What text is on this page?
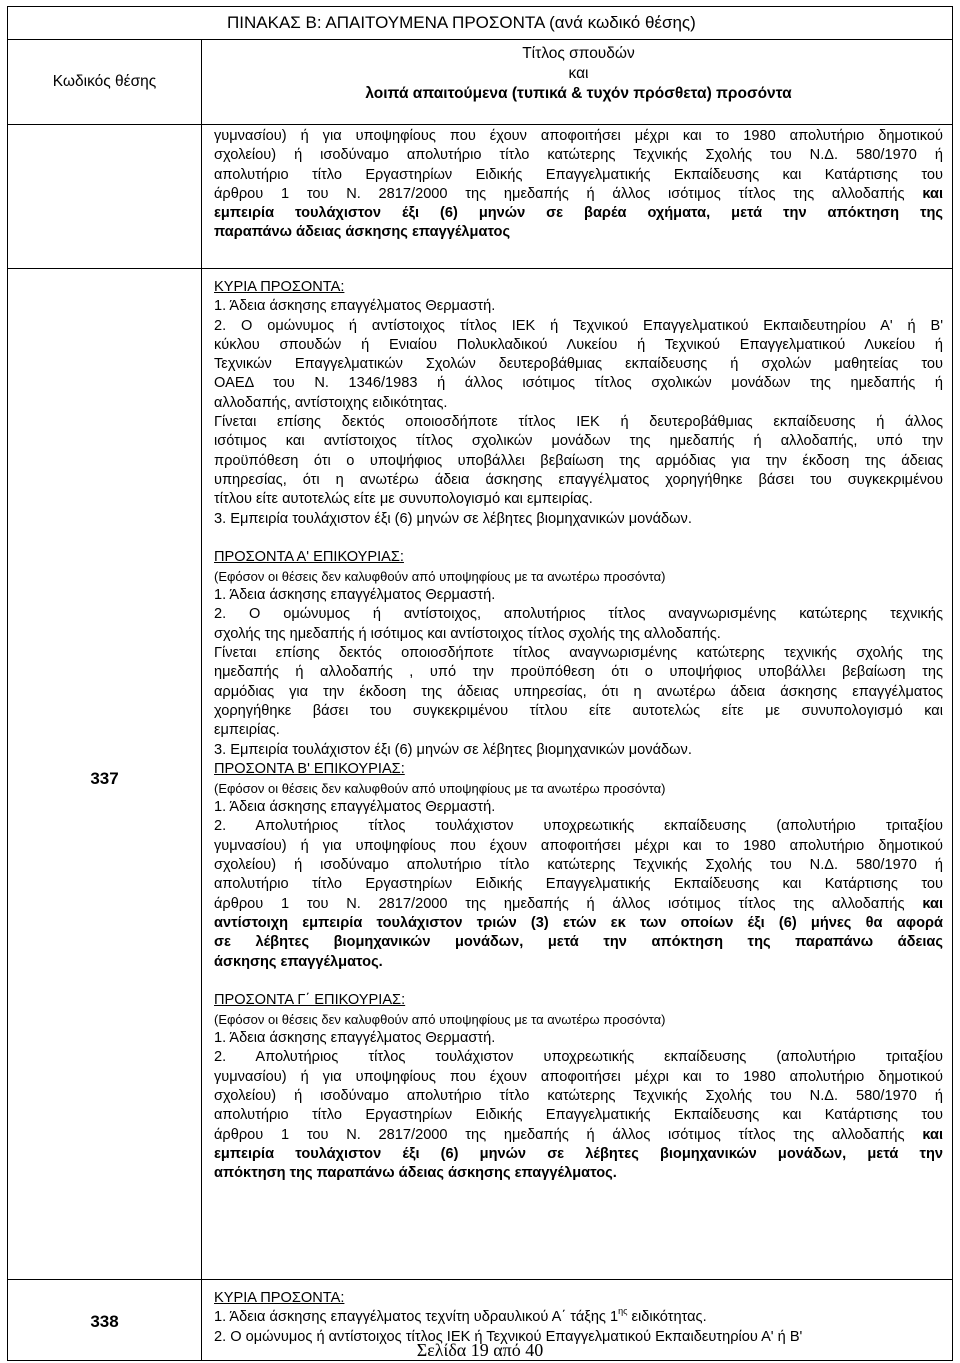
ΠΙΝΑΚΑΣ Β: ΑΠΑΙΤΟΥΜΕΝΑ ΠΡΟΣΟΝΤΑ (ανά κωδικό θέσης)
Κωδικός θέσης
Τίτλος σπουδών
και
λοιπά απαιτούμενα (τυπικά & τυχόν πρόσθετα) προσόντα

γυμνασίου) ή για υποψηφίους που έχουν αποφοιτήσει μέχρι και το 1980 απολυτήριο δημοτικού

σχολείου) ή ισοδύναμο απολυτήριο τίτλο κατώτερης Τεχνικής Σχολής του Ν.Δ. 580/1970 ή

απολυτήριο τίτλο Εργαστηρίων Ειδικής Επαγγελματικής Εκπαίδευσης και Κατάρτισης του

άρθρου 1 του Ν. 2817/2000 της ημεδαπής ή άλλος ισότιμος τίτλος της αλλοδαπής και

εμπειρία τουλάχιστον έξι (6) μηνών σε βαρέα οχήματα, μετά την απόκτηση της

παραπάνω άδειας άσκησης επαγγέλματος

337

ΚΥΡΙΑ ΠΡΟΣΟΝΤΑ:

1. Άδεια άσκησης επαγγέλματος Θερμαστή.

2. Ο ομώνυμος ή αντίστοιχος τίτλος ΙΕΚ ή Τεχνικού Επαγγελματικού Εκπαιδευτηρίου Α' ή Β'

κύκλου σπουδών ή Ενιαίου Πολυκλαδικού Λυκείου ή Τεχνικού Επαγγελματικού Λυκείου ή

Τεχνικών Επαγγελματικών Σχολών δευτεροβάθμιας εκπαίδευσης ή σχολών μαθητείας του

ΟΑΕΔ του Ν. 1346/1983 ή άλλος ισότιμος τίτλος σχολικών μονάδων της ημεδαπής ή

αλλοδαπής, αντίστοιχης ειδικότητας.

Γίνεται επίσης δεκτός οποιοσδήποτε τίτλος ΙΕΚ ή δευτεροβάθμιας εκπαίδευσης ή άλλος

ισότιμος και αντίστοιχος τίτλος σχολικών μονάδων της ημεδαπής ή αλλοδαπής, υπό την

προϋπόθεση ότι ο υποψήφιος υποβάλλει βεβαίωση της αρμόδιας για την έκδοση της άδειας

υπηρεσίας, ότι η ανωτέρω άδεια άσκησης επαγγέλματος χορηγήθηκε βάσει του συγκεκριμένου

τίτλου είτε αυτοτελώς είτε με συνυπολογισμό και εμπειρίας.

3. Εμπειρία τουλάχιστον έξι (6) μηνών σε λέβητες βιομηχανικών μονάδων.

ΠΡΟΣΟΝΤΑ Α' ΕΠΙΚΟΥΡΙΑΣ:

(Εφόσον οι θέσεις δεν καλυφθούν από υποψηφίους με τα ανωτέρω προσόντα)

1. Άδεια άσκησης επαγγέλματος Θερμαστή.

2. Ο ομώνυμος ή αντίστοιχος, απολυτήριος τίτλος αναγνωρισμένης κατώτερης τεχνικής

σχολής της ημεδαπής ή ισότιμος και αντίστοιχος τίτλος σχολής της αλλοδαπής.

Γίνεται επίσης δεκτός οποιοσδήποτε τίτλος αναγνωρισμένης κατώτερης τεχνικής σχολής της

ημεδαπής ή αλλοδαπής , υπό την προϋπόθεση ότι ο υποψήφιος υποβάλλει βεβαίωση της

αρμόδιας για την έκδοση της άδειας υπηρεσίας, ότι η ανωτέρω άδεια άσκησης επαγγέλματος

χορηγήθηκε βάσει του συγκεκριμένου τίτλου είτε αυτοτελώς είτε με συνυπολογισμό και

εμπειρίας.

3. Εμπειρία τουλάχιστον έξι (6) μηνών σε λέβητες βιομηχανικών μονάδων.

ΠΡΟΣΟΝΤΑ Β' ΕΠΙΚΟΥΡΙΑΣ:

(Εφόσον οι θέσεις δεν καλυφθούν από υποψηφίους με τα ανωτέρω προσόντα)

1. Άδεια άσκησης επαγγέλματος Θερμαστή.

2. Απολυτήριος τίτλος τουλάχιστον υποχρεωτικής εκπαίδευσης (απολυτήριο τριταξίου

γυμνασίου) ή για υποψηφίους που έχουν αποφοιτήσει μέχρι και το 1980 απολυτήριο δημοτικού

σχολείου) ή ισοδύναμο απολυτήριο τίτλο κατώτερης Τεχνικής Σχολής του Ν.Δ. 580/1970 ή

απολυτήριο τίτλο Εργαστηρίων Ειδικής Επαγγελματικής Εκπαίδευσης και Κατάρτισης του

άρθρου 1 του Ν. 2817/2000 της ημεδαπής ή άλλος ισότιμος τίτλος της αλλοδαπής και

αντίστοιχη εμπειρία τουλάχιστον τριών (3) ετών εκ των οποίων έξι (6) μήνες θα αφορά

σε λέβητες βιομηχανικών μονάδων, μετά την απόκτηση της παραπάνω άδειας

άσκησης επαγγέλματος.

ΠΡΟΣΟΝΤΑ Γ΄ ΕΠΙΚΟΥΡΙΑΣ:

(Εφόσον οι θέσεις δεν καλυφθούν από υποψηφίους με τα ανωτέρω προσόντα)

1. Άδεια άσκησης επαγγέλματος Θερμαστή.

2. Απολυτήριος τίτλος τουλάχιστον υποχρεωτικής εκπαίδευσης (απολυτήριο τριταξίου

γυμνασίου) ή για υποψηφίους που έχουν αποφοιτήσει μέχρι και το 1980 απολυτήριο δημοτικού

σχολείου) ή ισοδύναμο απολυτήριο τίτλο κατώτερης Τεχνικής Σχολής του Ν.Δ. 580/1970 ή

απολυτήριο τίτλο Εργαστηρίων Ειδικής Επαγγελματικής Εκπαίδευσης και Κατάρτισης του

άρθρου 1 του Ν. 2817/2000 της ημεδαπής ή άλλος ισότιμος τίτλος της αλλοδαπής και

εμπειρία τουλάχιστον έξι (6) μηνών σε λέβητες βιομηχανικών μονάδων, μετά την

απόκτηση της παραπάνω άδειας άσκησης επαγγέλματος.

338

ΚΥΡΙΑ ΠΡΟΣΟΝΤΑ:

1. Άδεια άσκησης επαγγέλματος τεχνίτη υδραυλικού Α΄ τάξης $1^{\eta\varsigma}$ ειδικότητας.

2. Ο ομώνυμος ή αντίστοιχος τίτλος ΙΕΚ ή Τεχνικού Επαγγελματικού Εκπαιδευτηρίου Α' ή Β'

Σελίδα 19 από 40
